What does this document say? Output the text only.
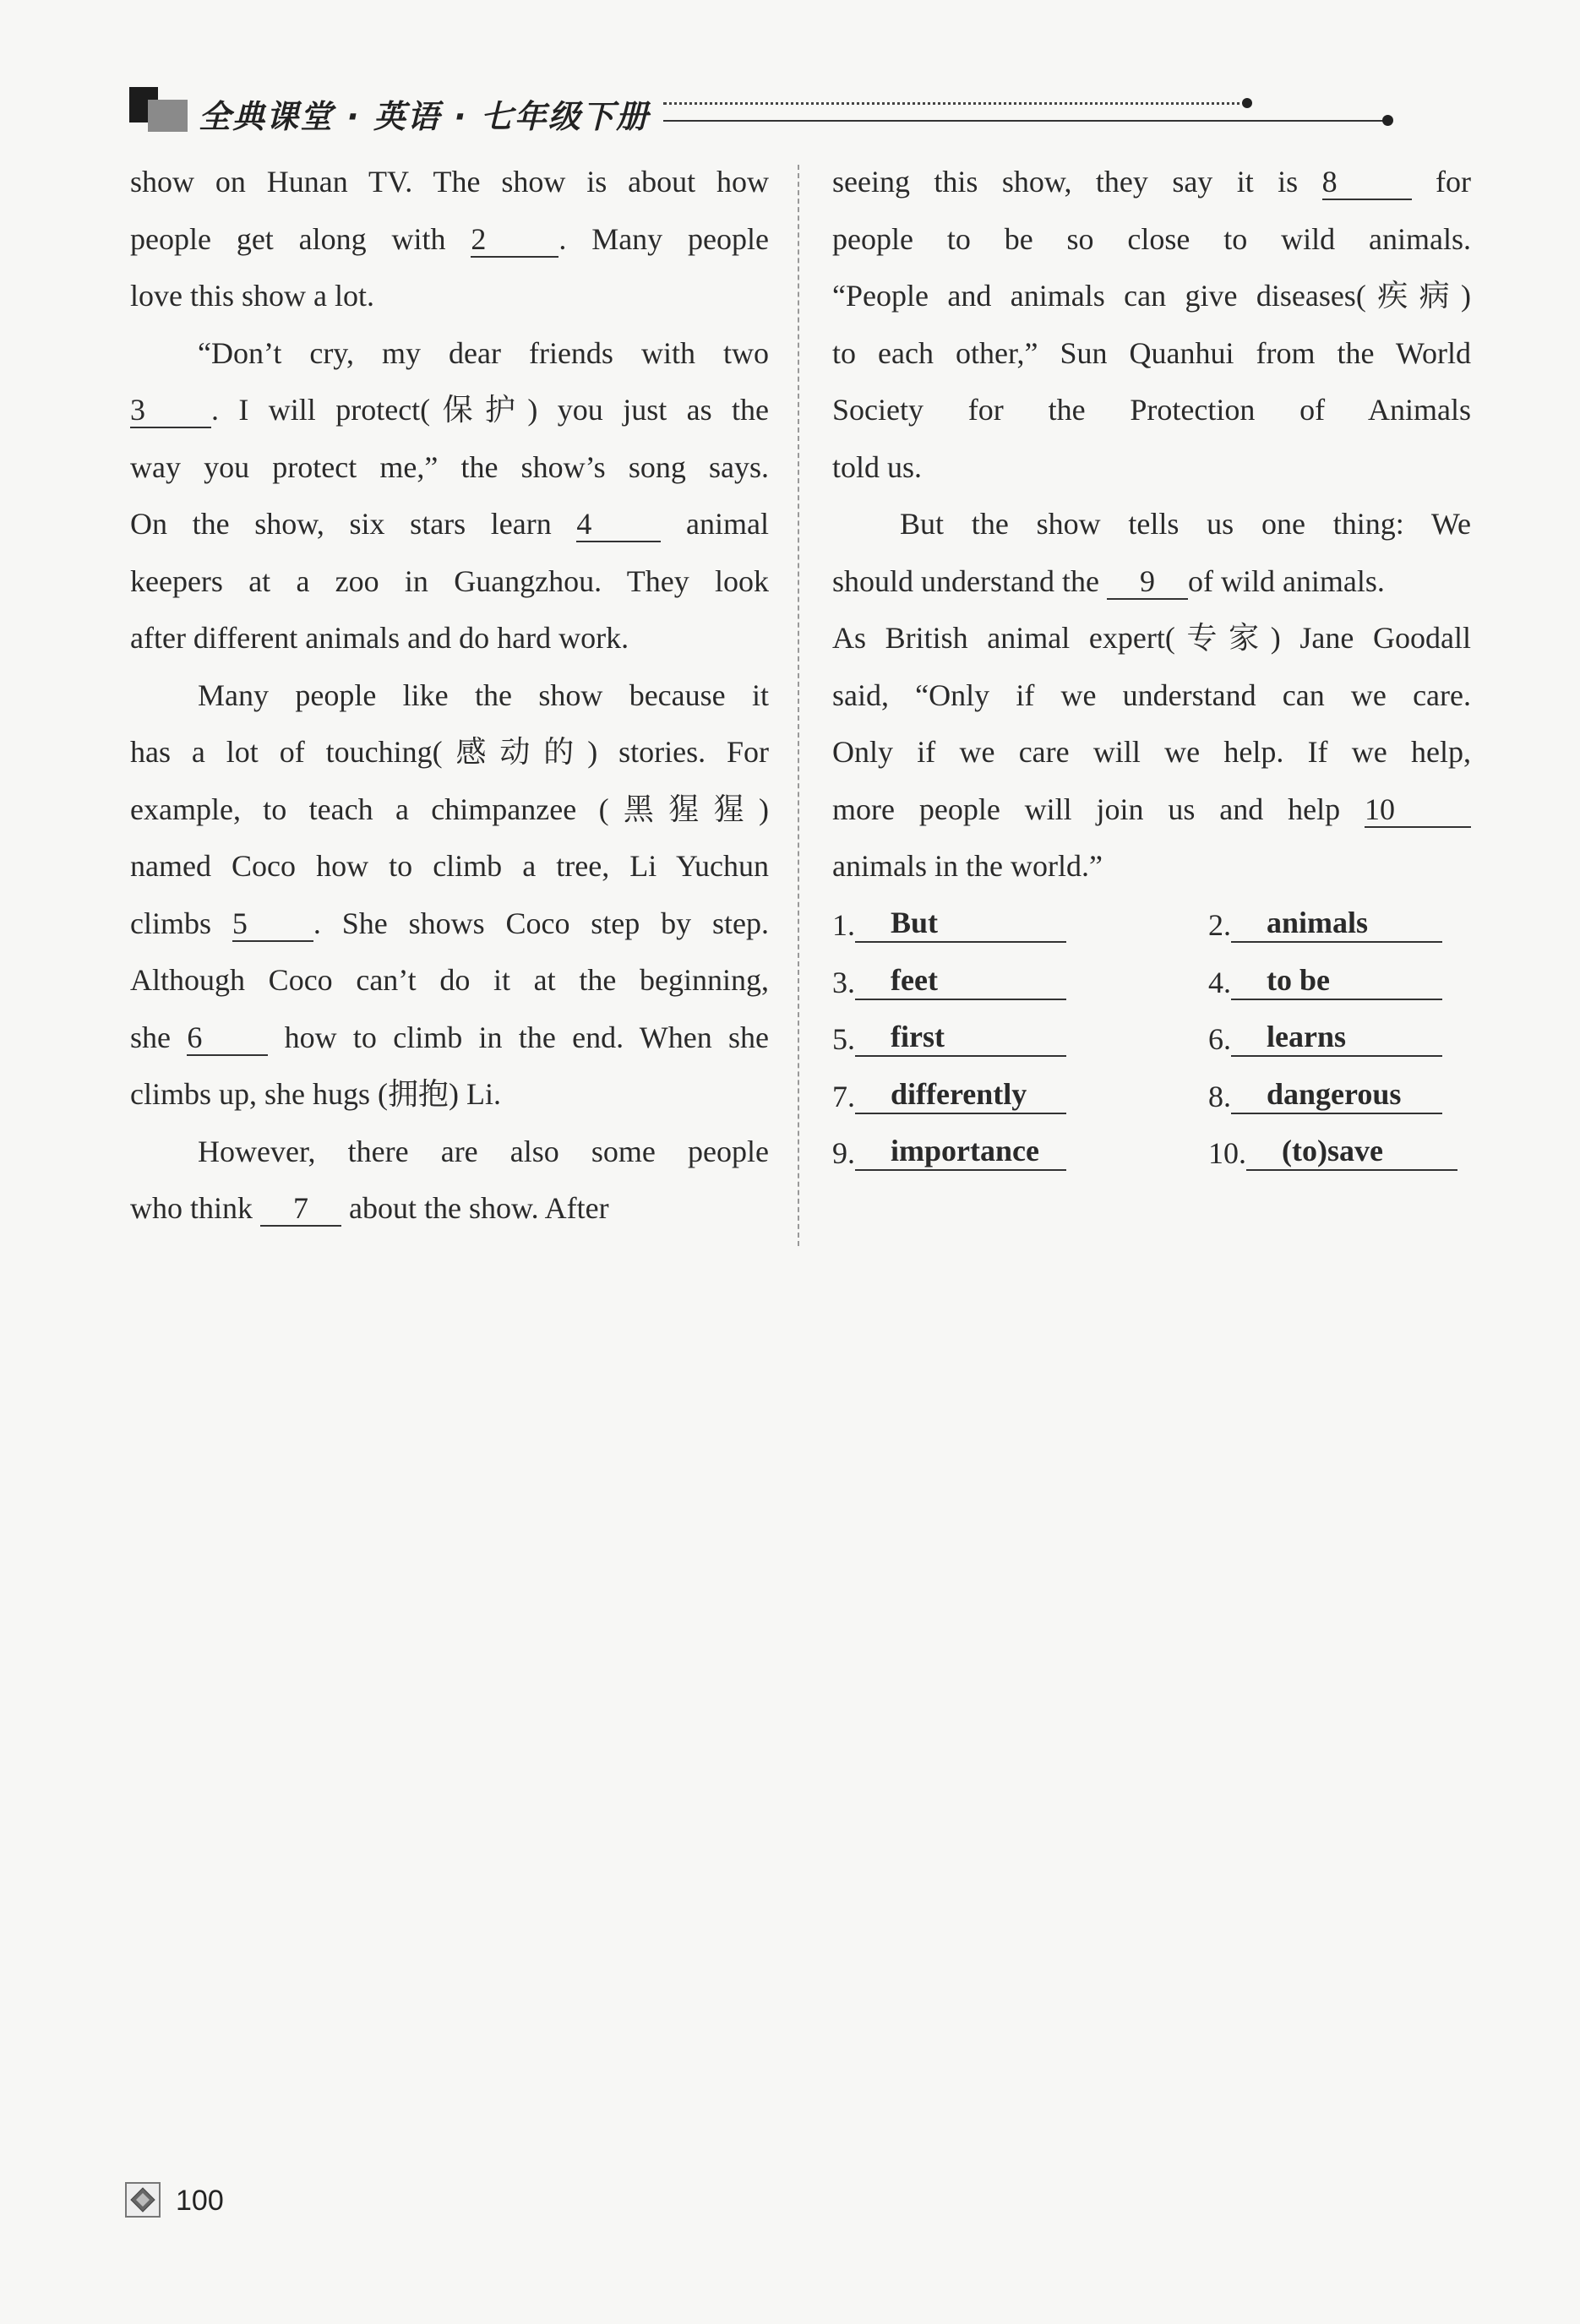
全典课堂 · 英语 · 七年级下册
show on Hunan TV. The show is about how
people get along with 2 . Many people
love this show a lot.
“Don’t cry, my dear friends with two
3 . I will protect(保护) you just as the
way you protect me,” the show’s song says.
On the show, six stars learn 4	animal
keepers at a zoo in Guangzhou. They look
after different animals and do hard work.
Many people like the show because it
has a lot of touching(感动的) stories. For
example, to teach a chimpanzee (黑猩猩)
named Coco how to climb a tree, Li Yuchun
climbs 5 . She shows Coco step by step.
Although Coco can’t do it at the beginning,
she 6	how to climb in the end. When she
climbs up, she hugs (拥抱) Li.
However, there are also some people
who think 7 about the show. After
seeing this show, they say it is 8	for
people to be so close to wild animals.
“People and animals can give diseases(疾病)
to each other,” Sun Quanhui from the World
Society for the Protection of Animals
told us.
But the show tells us one thing: We
should understand the 9 of wild animals.
As British animal expert(专家) Jane Goodall
said, “Only if we understand can we care.
Only if we care will we help. If we help,
more people will join us and help 10
animals in the world.”
1. But	2. animals
3. feet	4. to be
5. first	6. learns
7. differently	8. dangerous
9. importance	10. (to)save
100
